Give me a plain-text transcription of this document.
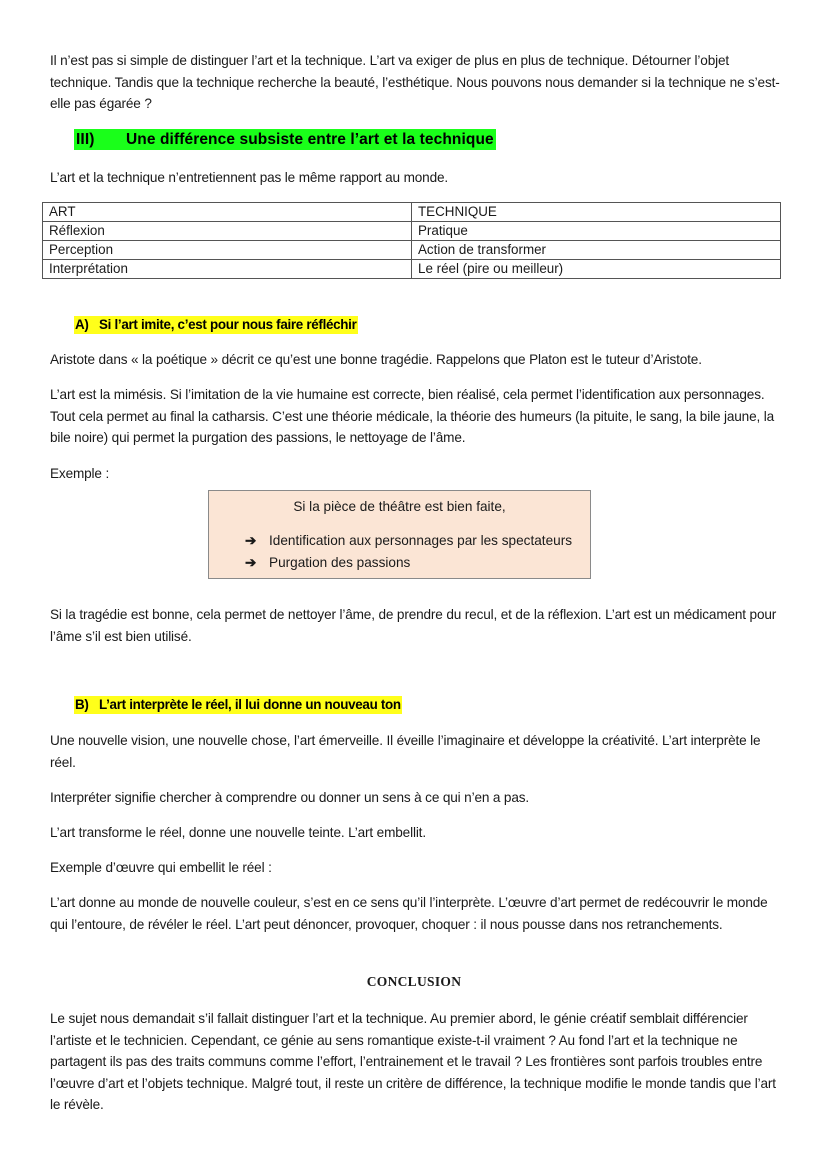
Il n’est pas si simple de distinguer l’art et la technique. L’art va exiger de plus en plus de technique. Détourner l’objet technique. Tandis que la technique recherche la beauté, l’esthétique. Nous pouvons nous demander si la technique ne s’est-elle pas égarée ?

III) Une différence subsiste entre l’art et la technique

L’art et la technique n’entretiennent pas le même rapport au monde.

ART	TECHNIQUE
Réflexion	Pratique
Perception	Action de transformer
Interprétation	Le réel (pire ou meilleur)
A) Si l’art imite, c’est pour nous faire réfléchir

Aristote dans « la poétique » décrit ce qu’est une bonne tragédie. Rappelons que Platon est le tuteur d’Aristote.

L’art est la mimésis. Si l’imitation de la vie humaine est correcte, bien réalisé, cela permet l’identification aux personnages. Tout cela permet au final la catharsis. C’est une théorie médicale, la théorie des humeurs (la pituite, le sang, la bile jaune, la bile noire) qui permet la purgation des passions, le nettoyage de l’âme.

Exemple :

Si la pièce de théâtre est bien faite,
➔ Identification aux personnages par les spectateurs
➔ Purgation des passions

Si la tragédie est bonne, cela permet de nettoyer l’âme, de prendre du recul, et de la réflexion. L’art est un médicament pour l’âme s’il est bien utilisé.

B) L’art interprète le réel, il lui donne un nouveau ton

Une nouvelle vision, une nouvelle chose, l’art émerveille. Il éveille l’imaginaire et développe la créativité. L’art interprète le réel.

Interpréter signifie chercher à comprendre ou donner un sens à ce qui n’en a pas.

L’art transforme le réel, donne une nouvelle teinte. L’art embellit.

Exemple d’œuvre qui embellit le réel :

L’art donne au monde de nouvelle couleur, s’est en ce sens qu’il l’interprète. L’œuvre d’art permet de redécouvrir le monde qui l’entoure, de révéler le réel. L’art peut dénoncer, provoquer, choquer : il nous pousse dans nos retranchements.

CONCLUSION

Le sujet nous demandait s’il fallait distinguer l’art et la technique. Au premier abord, le génie créatif semblait différencier l’artiste et le technicien. Cependant, ce génie au sens romantique existe-t-il vraiment ? Au fond l’art et la technique ne partagent ils pas des traits communs comme l’effort, l’entrainement et le travail ? Les frontières sont parfois troubles entre l’œuvre d’art et l’objets technique. Malgré tout, il reste un critère de différence, la technique modifie le monde tandis que l’art le révèle.
